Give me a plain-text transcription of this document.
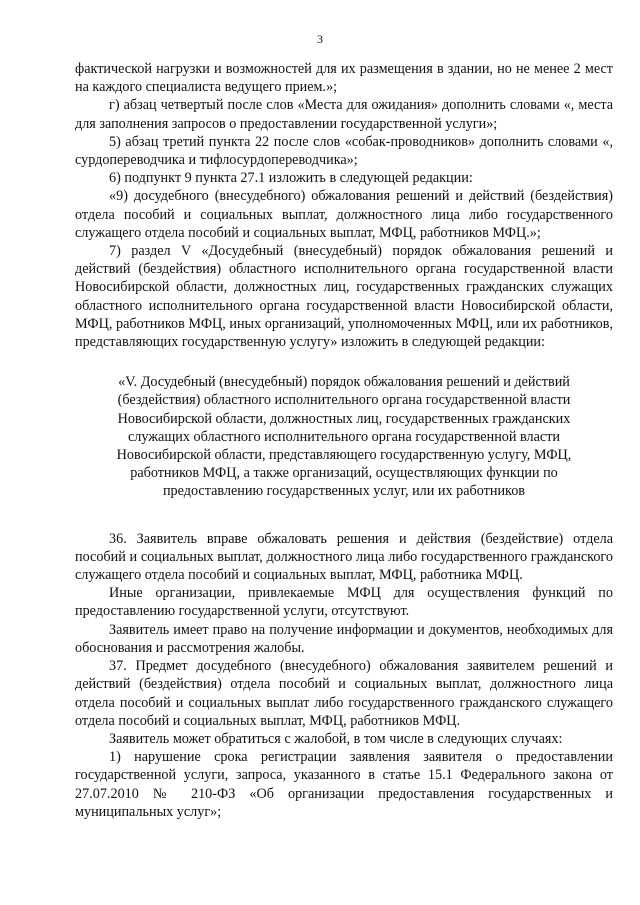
3

фактической нагрузки и возможностей для их размещения в здании, но не менее 2 мест на каждого специалиста ведущего прием.»;

г) абзац четвертый после слов «Места для ожидания» дополнить словами «, места для заполнения запросов о предоставлении государственной услуги»;

5) абзац третий пункта 22 после слов «собак-проводников» дополнить словами «, сурдопереводчика и тифлосурдопереводчика»;

6) подпункт 9 пункта 27.1 изложить в следующей редакции:

«9) досудебного (внесудебного) обжалования решений и действий (бездействия) отдела пособий и социальных выплат, должностного лица либо государственного служащего отдела пособий и социальных выплат, МФЦ, работников МФЦ.»;

7) раздел V «Досудебный (внесудебный) порядок обжалования решений и действий (бездействия) областного исполнительного органа государственной власти Новосибирской области, должностных лиц, государственных гражданских служащих областного исполнительного органа государственной власти Новосибирской области, МФЦ, работников МФЦ, иных организаций, уполномоченных МФЦ, или их работников, представляющих государственную услугу» изложить в следующей редакции:

«V. Досудебный (внесудебный) порядок обжалования решений и действий (бездействия) областного исполнительного органа государственной власти Новосибирской области, должностных лиц, государственных гражданских служащих областного исполнительного органа государственной власти Новосибирской области, представляющего государственную услугу, МФЦ, работников МФЦ, а также организаций, осуществляющих функции по предоставлению государственных услуг, или их работников

36. Заявитель вправе обжаловать решения и действия (бездействие) отдела пособий и социальных выплат, должностного лица либо государственного гражданского служащего отдела пособий и социальных выплат, МФЦ, работника МФЦ.

Иные организации, привлекаемые МФЦ для осуществления функций по предоставлению государственной услуги, отсутствуют.

Заявитель имеет право на получение информации и документов, необходимых для обоснования и рассмотрения жалобы.

37. Предмет досудебного (внесудебного) обжалования заявителем решений и действий (бездействия) отдела пособий и социальных выплат, должностного лица отдела пособий и социальных выплат либо государственного гражданского служащего отдела пособий и социальных выплат, МФЦ, работников МФЦ.

Заявитель может обратиться с жалобой, в том числе в следующих случаях:

1) нарушение срока регистрации заявления заявителя о предоставлении государственной услуги, запроса, указанного в статье 15.1 Федерального закона от 27.07.2010 № 210-ФЗ «Об организации предоставления государственных и муниципальных услуг»;
